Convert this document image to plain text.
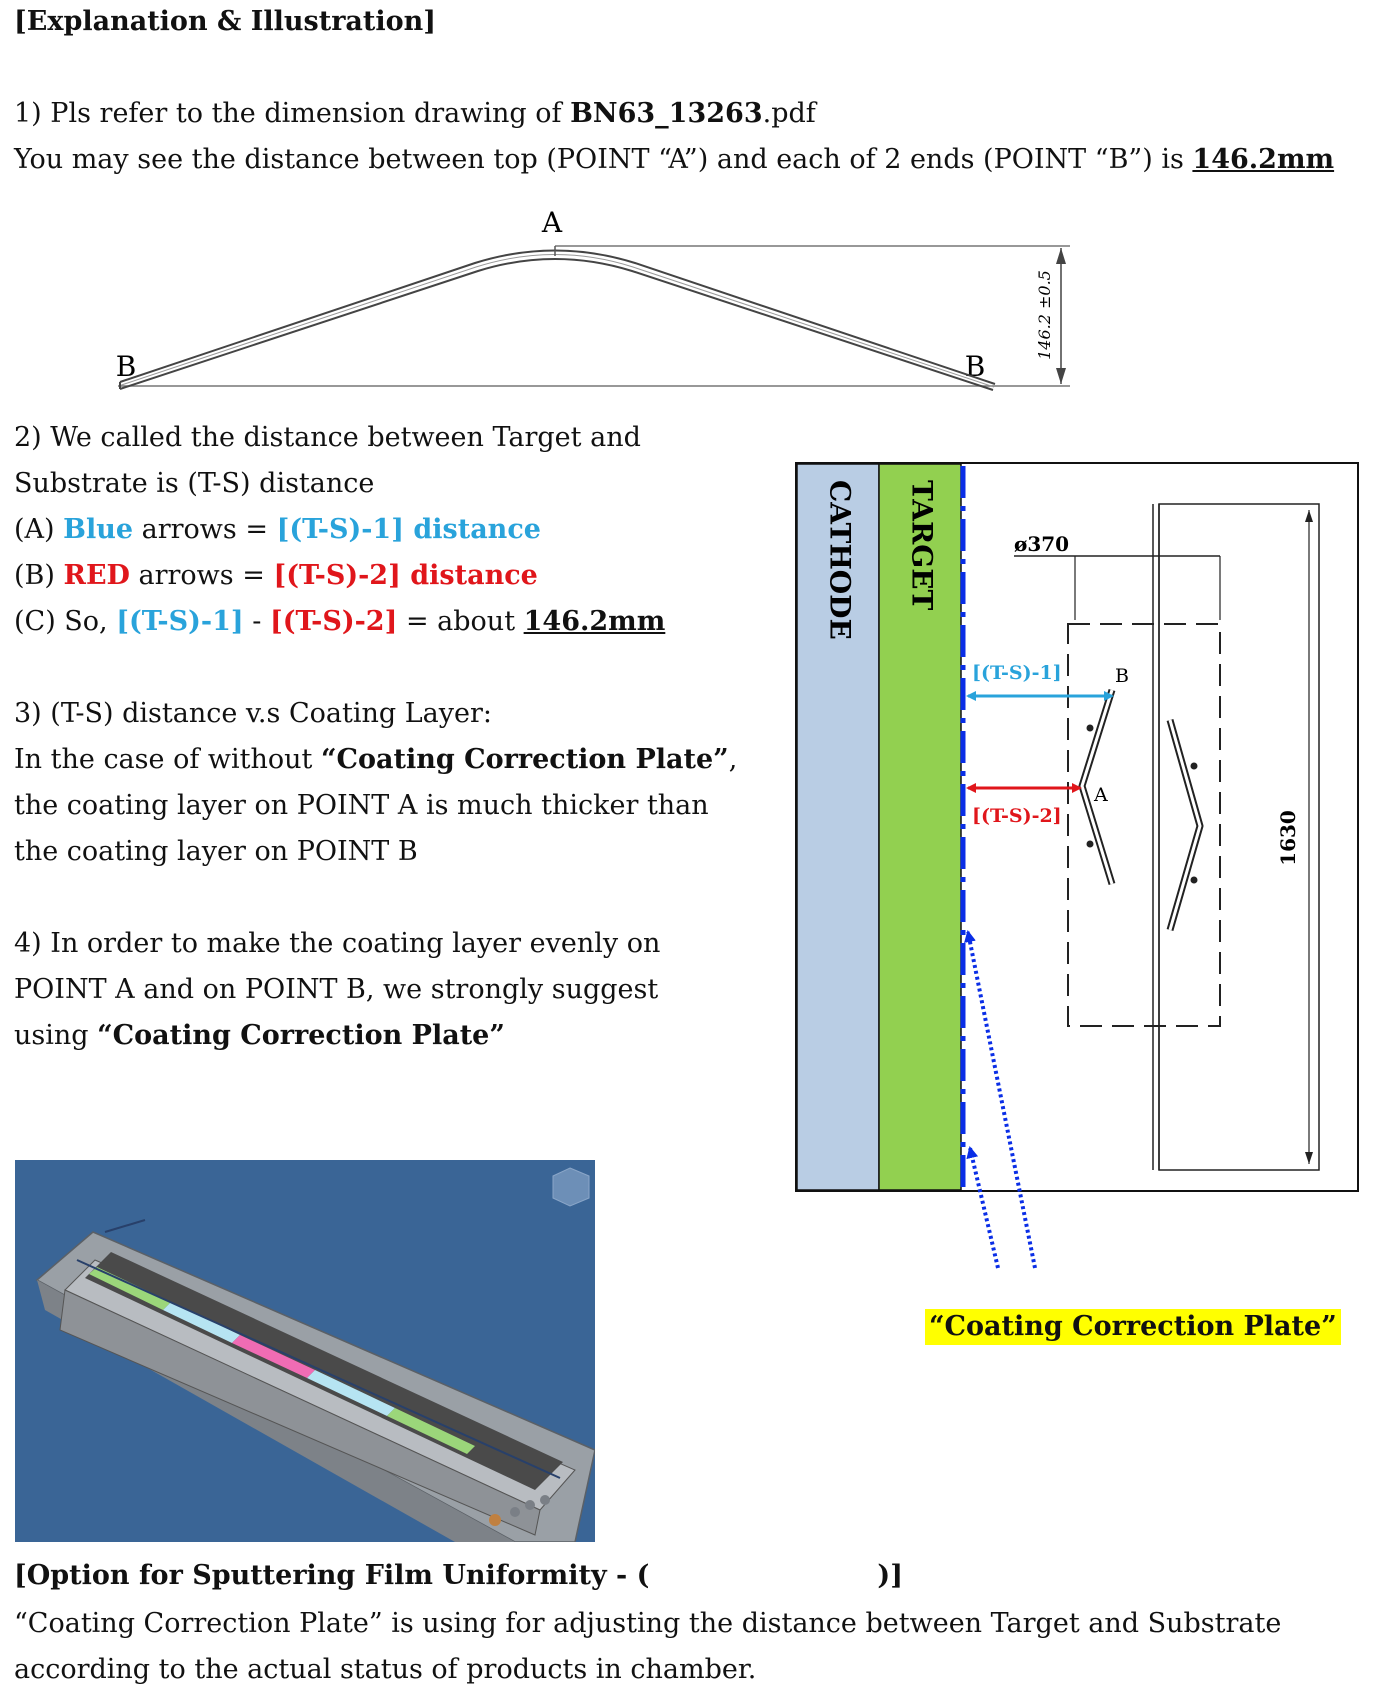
[Explanation & Illustration]
1) Pls refer to the dimension drawing of BN63_13263.pdf
You may see the distance between top (POINT “A”) and each of 2 ends (POINT “B”) is 146.2mm
A
B	B
146.2 ±0.5
2) We called the distance between Target and
Substrate is (T-S) distance
(A) Blue arrows = [(T-S)-1] distance
(B) RED arrows = [(T-S)-2] distance
(C) So, [(T-S)-1] - [(T-S)-2] = about 146.2mm
3) (T-S) distance v.s Coating Layer:
In the case of without “Coating Correction Plate”,
the coating layer on POINT A is much thicker than
the coating layer on POINT B
4) In order to make the coating layer evenly on
POINT A and on POINT B, we strongly suggest
using “Coating Correction Plate”
CATHODE TARGET	ø370
1630
B
A
[(T-S)-1]
[(T-S)-2]
“Coating Correction Plate”
[Option for Sputtering Film Uniformity - (	)]
“Coating Correction Plate” is using for adjusting the distance between Target and Substrate
according to the actual status of products in chamber.
